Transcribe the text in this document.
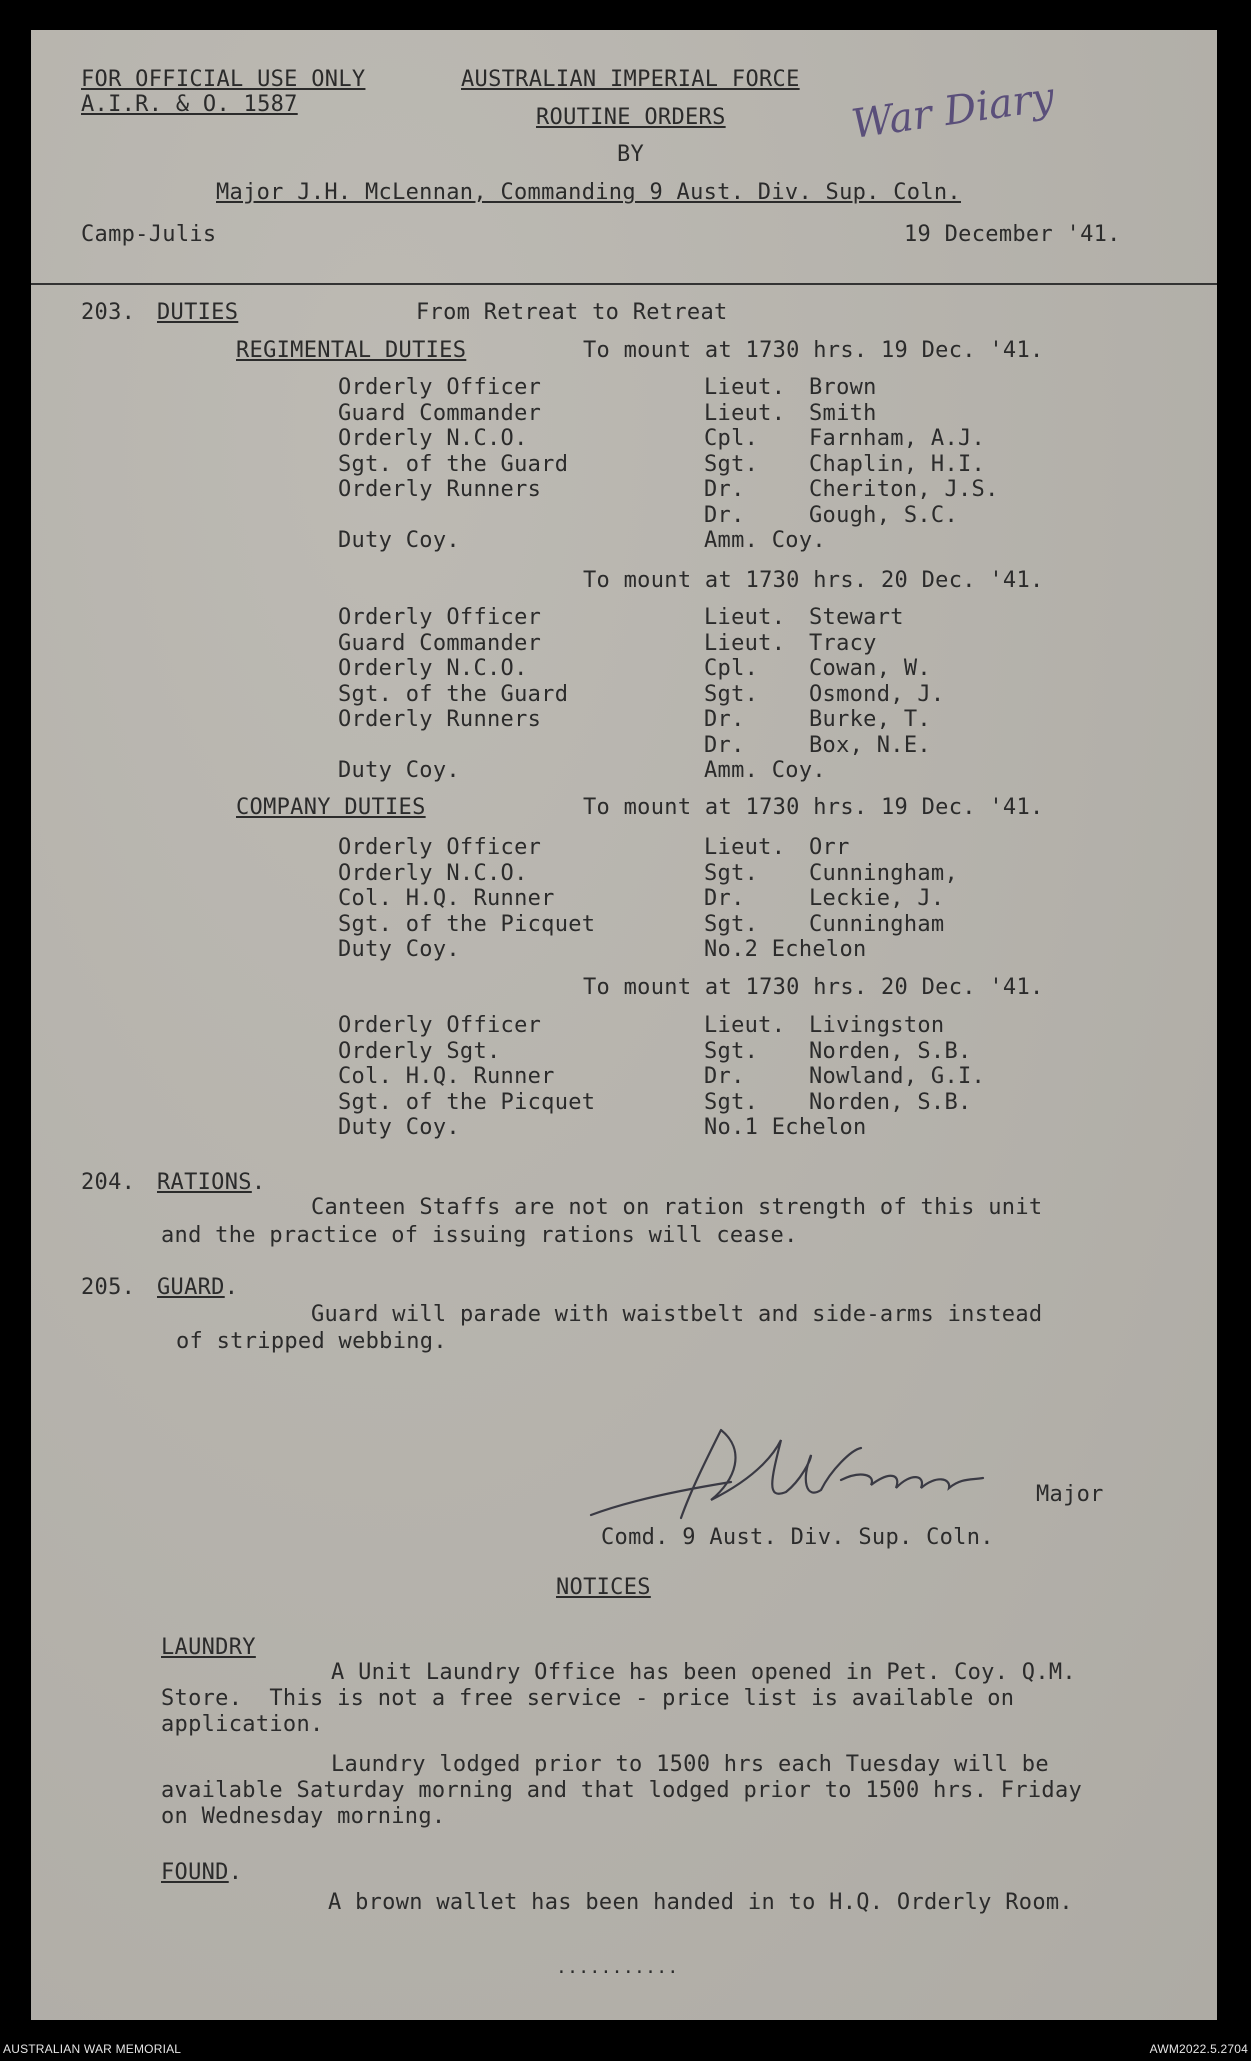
FOR OFFICIAL USE ONLY
A.I.R. & O. 1587
AUSTRALIAN IMPERIAL FORCE
ROUTINE ORDERS
BY
Major J.H. McLennan, Commanding 9 Aust. Div. Sup. Coln.
Camp-Julis	19 December '41.
War Diary
203. DUTIES	From Retreat to Retreat
REGIMENTAL DUTIES	To mount at 1730 hrs. 19 Dec. '41.
Orderly Officer	Lieut. Brown
Guard Commander	Lieut. Smith
Orderly N.C.O.	Cpl. Farnham, A.J.
Sgt. of the Guard	Sgt. Chaplin, H.I.
Orderly Runners	Dr.	Cheriton, J.S.
Dr.	Gough, S.C.
Duty Coy.	Amm. Coy.
To mount at 1730 hrs. 20 Dec. '41.
Orderly Officer	Lieut. Stewart
Guard Commander	Lieut. Tracy
Orderly N.C.O.	Cpl. Cowan, W.
Sgt. of the Guard	Sgt. Osmond, J.
Orderly Runners	Dr.	Burke, T.
Dr.	Box, N.E.
Duty Coy.	Amm. Coy.
COMPANY DUTIES	To mount at 1730 hrs. 19 Dec. '41.
Orderly Officer	Lieut. Orr
Orderly N.C.O.	Sgt. Cunningham,
Col. H.Q. Runner	Dr.	Leckie, J.
Sgt. of the Picquet	Sgt. Cunningham
Duty Coy.	No.2 Echelon
To mount at 1730 hrs. 20 Dec. '41.
Orderly Officer	Lieut. Livingston
Orderly Sgt.	Sgt. Norden, S.B.
Col. H.Q. Runner	Dr.	Nowland, G.I.
Sgt. of the Picquet	Sgt. Norden, S.B.
Duty Coy.	No.1 Echelon
204. RATIONS.
Canteen Staffs are not on ration strength of this unit
and the practice of issuing rations will cease.
205. GUARD.
Guard will parade with waistbelt and side-arms instead
of stripped webbing.
Major
Comd. 9 Aust. Div. Sup. Coln.
NOTICES
LAUNDRY
A Unit Laundry Office has been opened in Pet. Coy. Q.M.
Store.  This is not a free service - price list is available on
application.
Laundry lodged prior to 1500 hrs each Tuesday will be
available Saturday morning and that lodged prior to 1500 hrs. Friday
on Wednesday morning.
FOUND.
A brown wallet has been handed in to H.Q. Orderly Room.
...........
AUSTRALIAN WAR MEMORIAL	AWM2022.5.2704
